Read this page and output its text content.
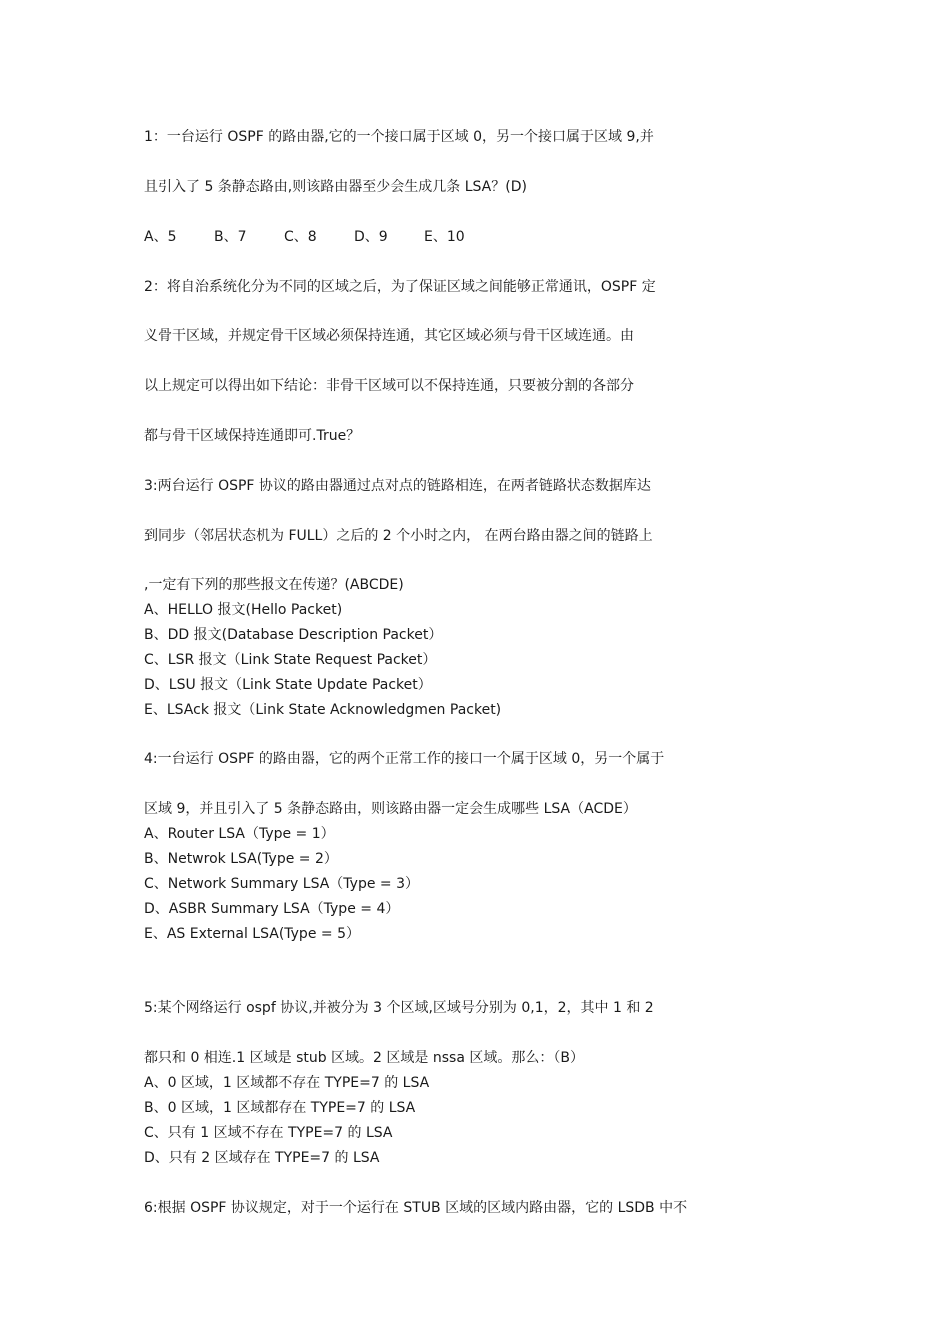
1：一台运行 OSPF 的路由器,它的一个接口属于区域 0，另一个接口属于区域 9,并
且引入了 5 条静态路由,则该路由器至少会生成几条 LSA？(D)
A、5	B、7	C、8	D、9	E、10
2：将自治系统化分为不同的区域之后，为了保证区域之间能够正常通讯，OSPF 定
义骨干区域，并规定骨干区域必须保持连通，其它区域必须与骨干区域连通。由
以上规定可以得出如下结论：非骨干区域可以不保持连通，只要被分割的各部分
都与骨干区域保持连通即可.True？
3:两台运行 OSPF 协议的路由器通过点对点的链路相连，在两者链路状态数据库达
到同步（邻居状态机为 FULL）之后的 2 个小时之内， 在两台路由器之间的链路上
,一定有下列的那些报文在传递？(ABCDE)
A、HELLO 报文(Hello Packet)
B、DD 报文(Database Description Packet）
C、LSR 报文（Link State Request Packet）
D、LSU 报文（Link State Update Packet）
E、LSAck 报文（Link State Acknowledgmen Packet)
4:一台运行 OSPF 的路由器，它的两个正常工作的接口一个属于区域 0，另一个属于
区域 9，并且引入了 5 条静态路由，则该路由器一定会生成哪些 LSA（ACDE）
A、Router LSA（Type = 1）
B、Netwrok LSA(Type = 2）
C、Network Summary LSA（Type = 3）
D、ASBR Summary LSA（Type = 4）
E、AS External LSA(Type = 5）
5:某个网络运行 ospf 协议,并被分为 3 个区域,区域号分别为 0,1，2，其中 1 和 2
都只和 0 相连.1 区域是 stub 区域。2 区域是 nssa 区域。那么：（B）
A、0 区域，1 区域都不存在 TYPE=7 的 LSA
B、0 区域，1 区域都存在 TYPE=7 的 LSA
C、只有 1 区域不存在 TYPE=7 的 LSA
D、只有 2 区域存在 TYPE=7 的 LSA
6:根据 OSPF 协议规定，对于一个运行在 STUB 区域的区域内路由器，它的 LSDB 中不
